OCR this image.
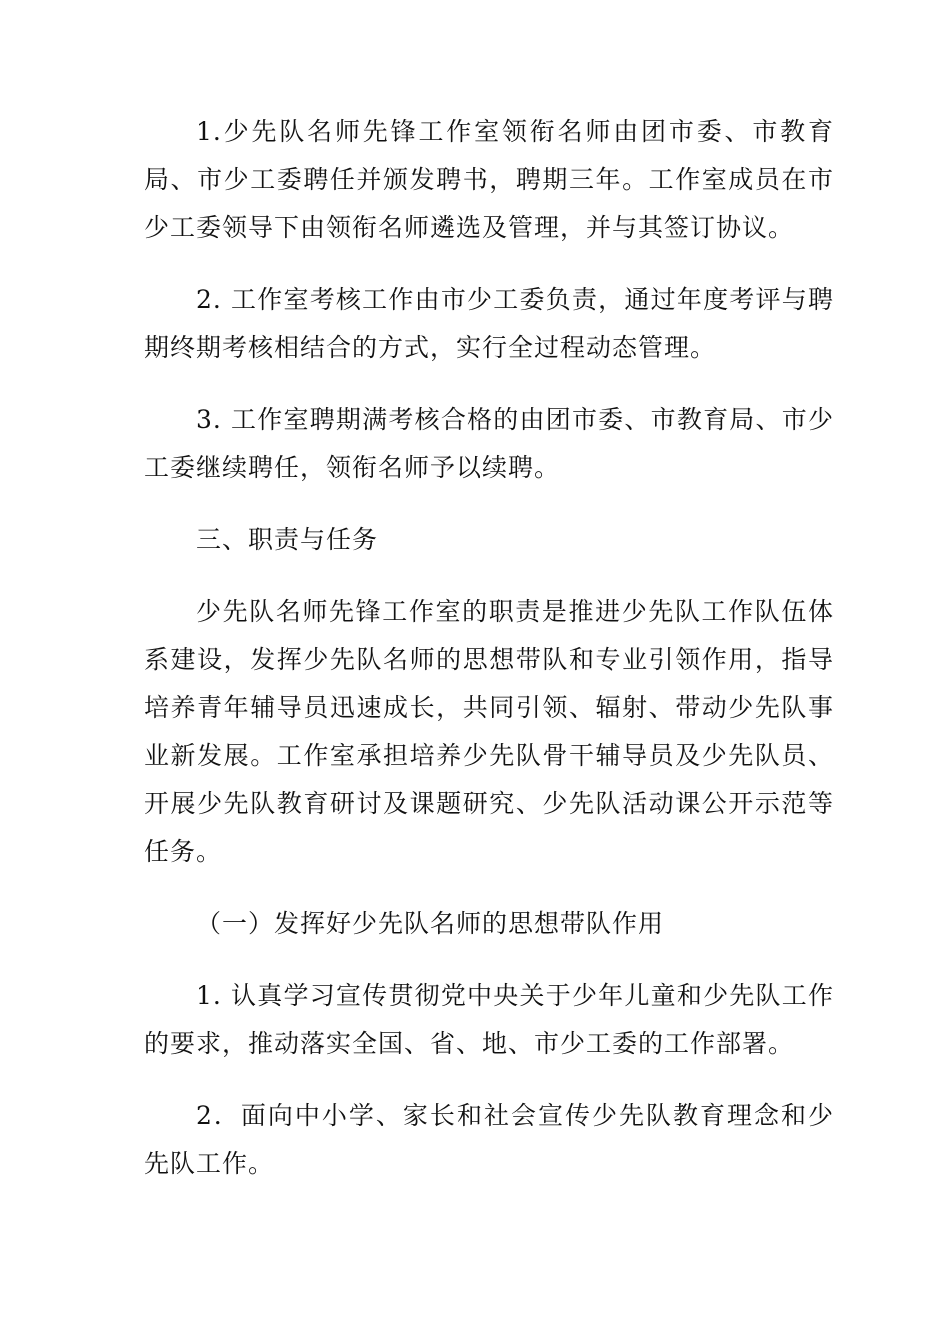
1.少先队名师先锋工作室领衔名师由团市委、市教育局、市少工委聘任并颁发聘书，聘期三年。工作室成员在市少工委领导下由领衔名师遴选及管理，并与其签订协议。

2. 工作室考核工作由市少工委负责，通过年度考评与聘期终期考核相结合的方式，实行全过程动态管理。

3. 工作室聘期满考核合格的由团市委、市教育局、市少工委继续聘任，领衔名师予以续聘。

三、职责与任务

少先队名师先锋工作室的职责是推进少先队工作队伍体系建设，发挥少先队名师的思想带队和专业引领作用，指导培养青年辅导员迅速成长，共同引领、辐射、带动少先队事业新发展。工作室承担培养少先队骨干辅导员及少先队员、开展少先队教育研讨及课题研究、少先队活动课公开示范等任务。

（一）发挥好少先队名师的思想带队作用

1. 认真学习宣传贯彻党中央关于少年儿童和少先队工作的要求，推动落实全国、省、地、市少工委的工作部署。

2．面向中小学、家长和社会宣传少先队教育理念和少先队工作。
